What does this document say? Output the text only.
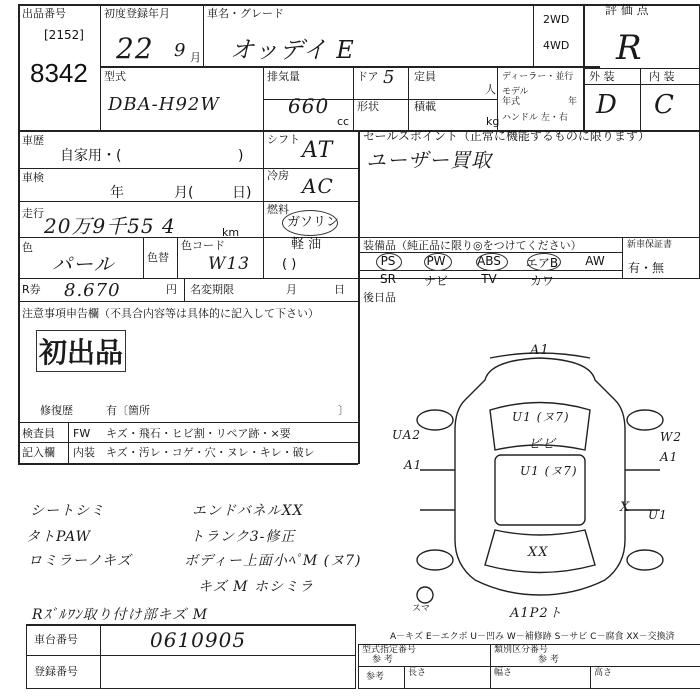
出品番号
[2152]
8342
初度登録年月
22 9 月
車名・グレード
オッデイ E
2WD
4WD
評 価 点
R
外 装	内 装
D C
型式
DBA-H92W
排気量
660
cc
ドア 5 定員
人
形状	積載
kg
ディーラー・並行
モデル
年式	年
ハンドル 左・右
車歴
自家用・(	)
シフト AT
セールスポイント（正常に機能するものに限ります）
ユーザー買取
車検
年	月(	日)
冷房 AC
走行
20万9千55 4	km
燃料
ガソリン
軽 油
( )
色
パール	色替
色コード
W13
装備品（純正品に限り◎をつけてください）
PS	PW	ABS	エアB	AW
SR	ナビ	TV	カワ
新車保証書
有・無
R券 8.670	円 名変期限	月	日
後日品
注意事項申告欄（不具合内容等は具体的に記入して下さい）
初出品
修復歴	有〔箇所	〕
検査員
記入欄
FW キズ・飛石・ヒビ割・リペア跡・×要
内装 キズ・汚レ・コゲ・穴・ヌレ・キレ・破レ
A1
U1 (ヌ7)
ビビ
U1 (ヌ7)
UA2	W2
A1
A1
X U1
XX
A1P2ト
スマ
シートシミ	エンドバネルXX
タトPAW	トランク3-修正
ロミラーノキズ	ボディー上面小ﾍﾟM (ヌ7)
キズ M ホシミラ
Rｽﾞﾙﾜﾝ取り付け部キズ M
車台番号	0610905
登録番号
A－キズ E－エクボ U－凹み W－補修跡 S－サビ C－腐食 XX－交換済
型式指定番号
参 考
類別区分番号
参 考
長さ	幅さ	高さ
参考
